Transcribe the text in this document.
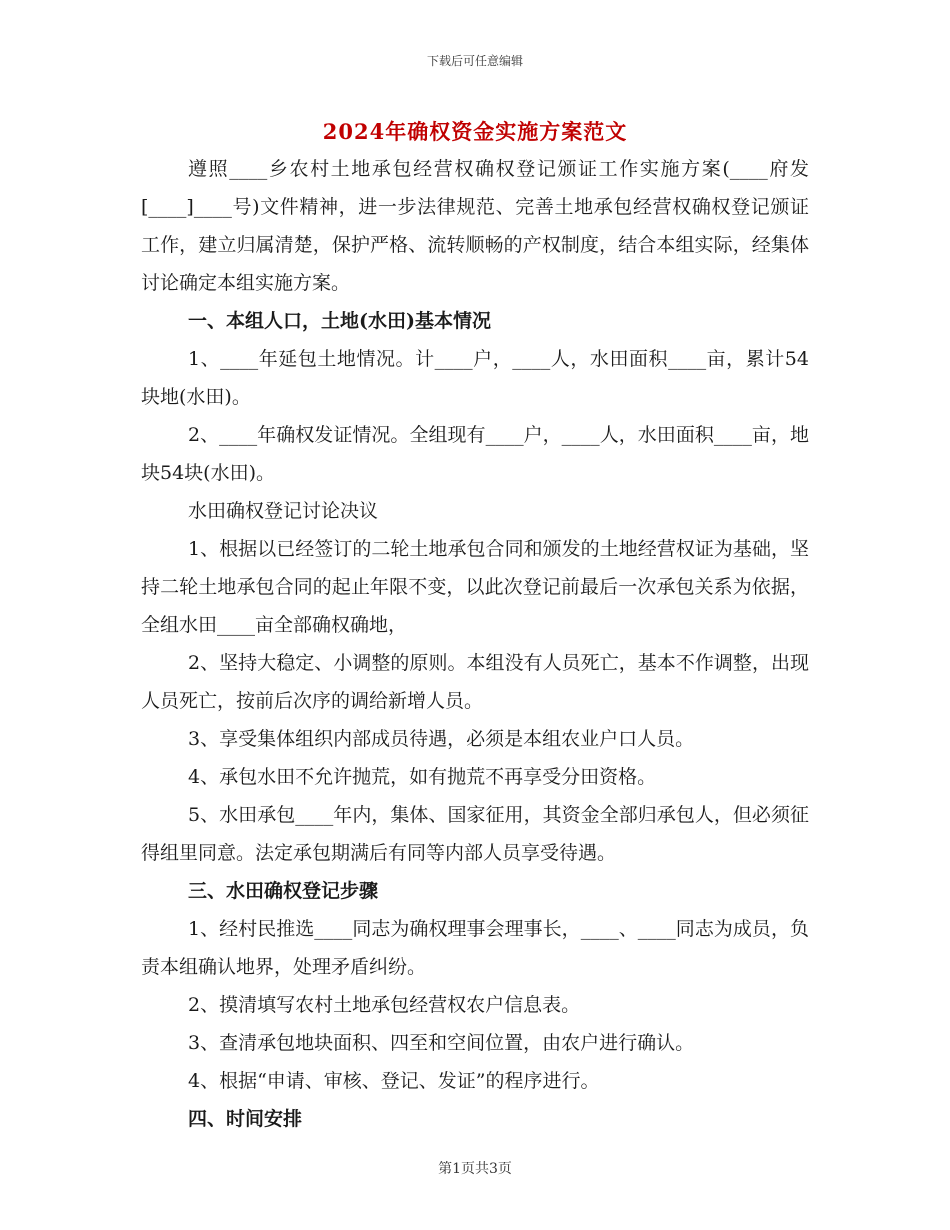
下载后可任意编辑
2024年确权资金实施方案范文

遵照____乡农村土地承包经营权确权登记颁证工作实施方案(____府发[____]____号)文件精神，进一步法律规范、完善土地承包经营权确权登记颁证工作，建立归属清楚，保护严格、流转顺畅的产权制度，结合本组实际，经集体讨论确定本组实施方案。

一、本组人口，土地(水田)基本情况

1、____年延包土地情况。计____户，____人，水田面积____亩，累计54块地(水田)。

2、____年确权发证情况。全组现有____户，____人，水田面积____亩，地块54块(水田)。

水田确权登记讨论决议

1、根据以已经签订的二轮土地承包合同和颁发的土地经营权证为基础，坚持二轮土地承包合同的起止年限不变，以此次登记前最后一次承包关系为依据，全组水田____亩全部确权确地，

2、坚持大稳定、小调整的原则。本组没有人员死亡，基本不作调整，出现人员死亡，按前后次序的调给新增人员。

3、享受集体组织内部成员待遇，必须是本组农业户口人员。

4、承包水田不允许抛荒，如有抛荒不再享受分田资格。

5、水田承包____年内，集体、国家征用，其资金全部归承包人，但必须征得组里同意。法定承包期满后有同等内部人员享受待遇。

三、水田确权登记步骤

1、经村民推选____同志为确权理事会理事长，____、____同志为成员，负责本组确认地界，处理矛盾纠纷。

2、摸清填写农村土地承包经营权农户信息表。

3、查清承包地块面积、四至和空间位置，由农户进行确认。

4、根据“申请、审核、登记、发证”的程序进行。

四、时间安排

第1页共3页
